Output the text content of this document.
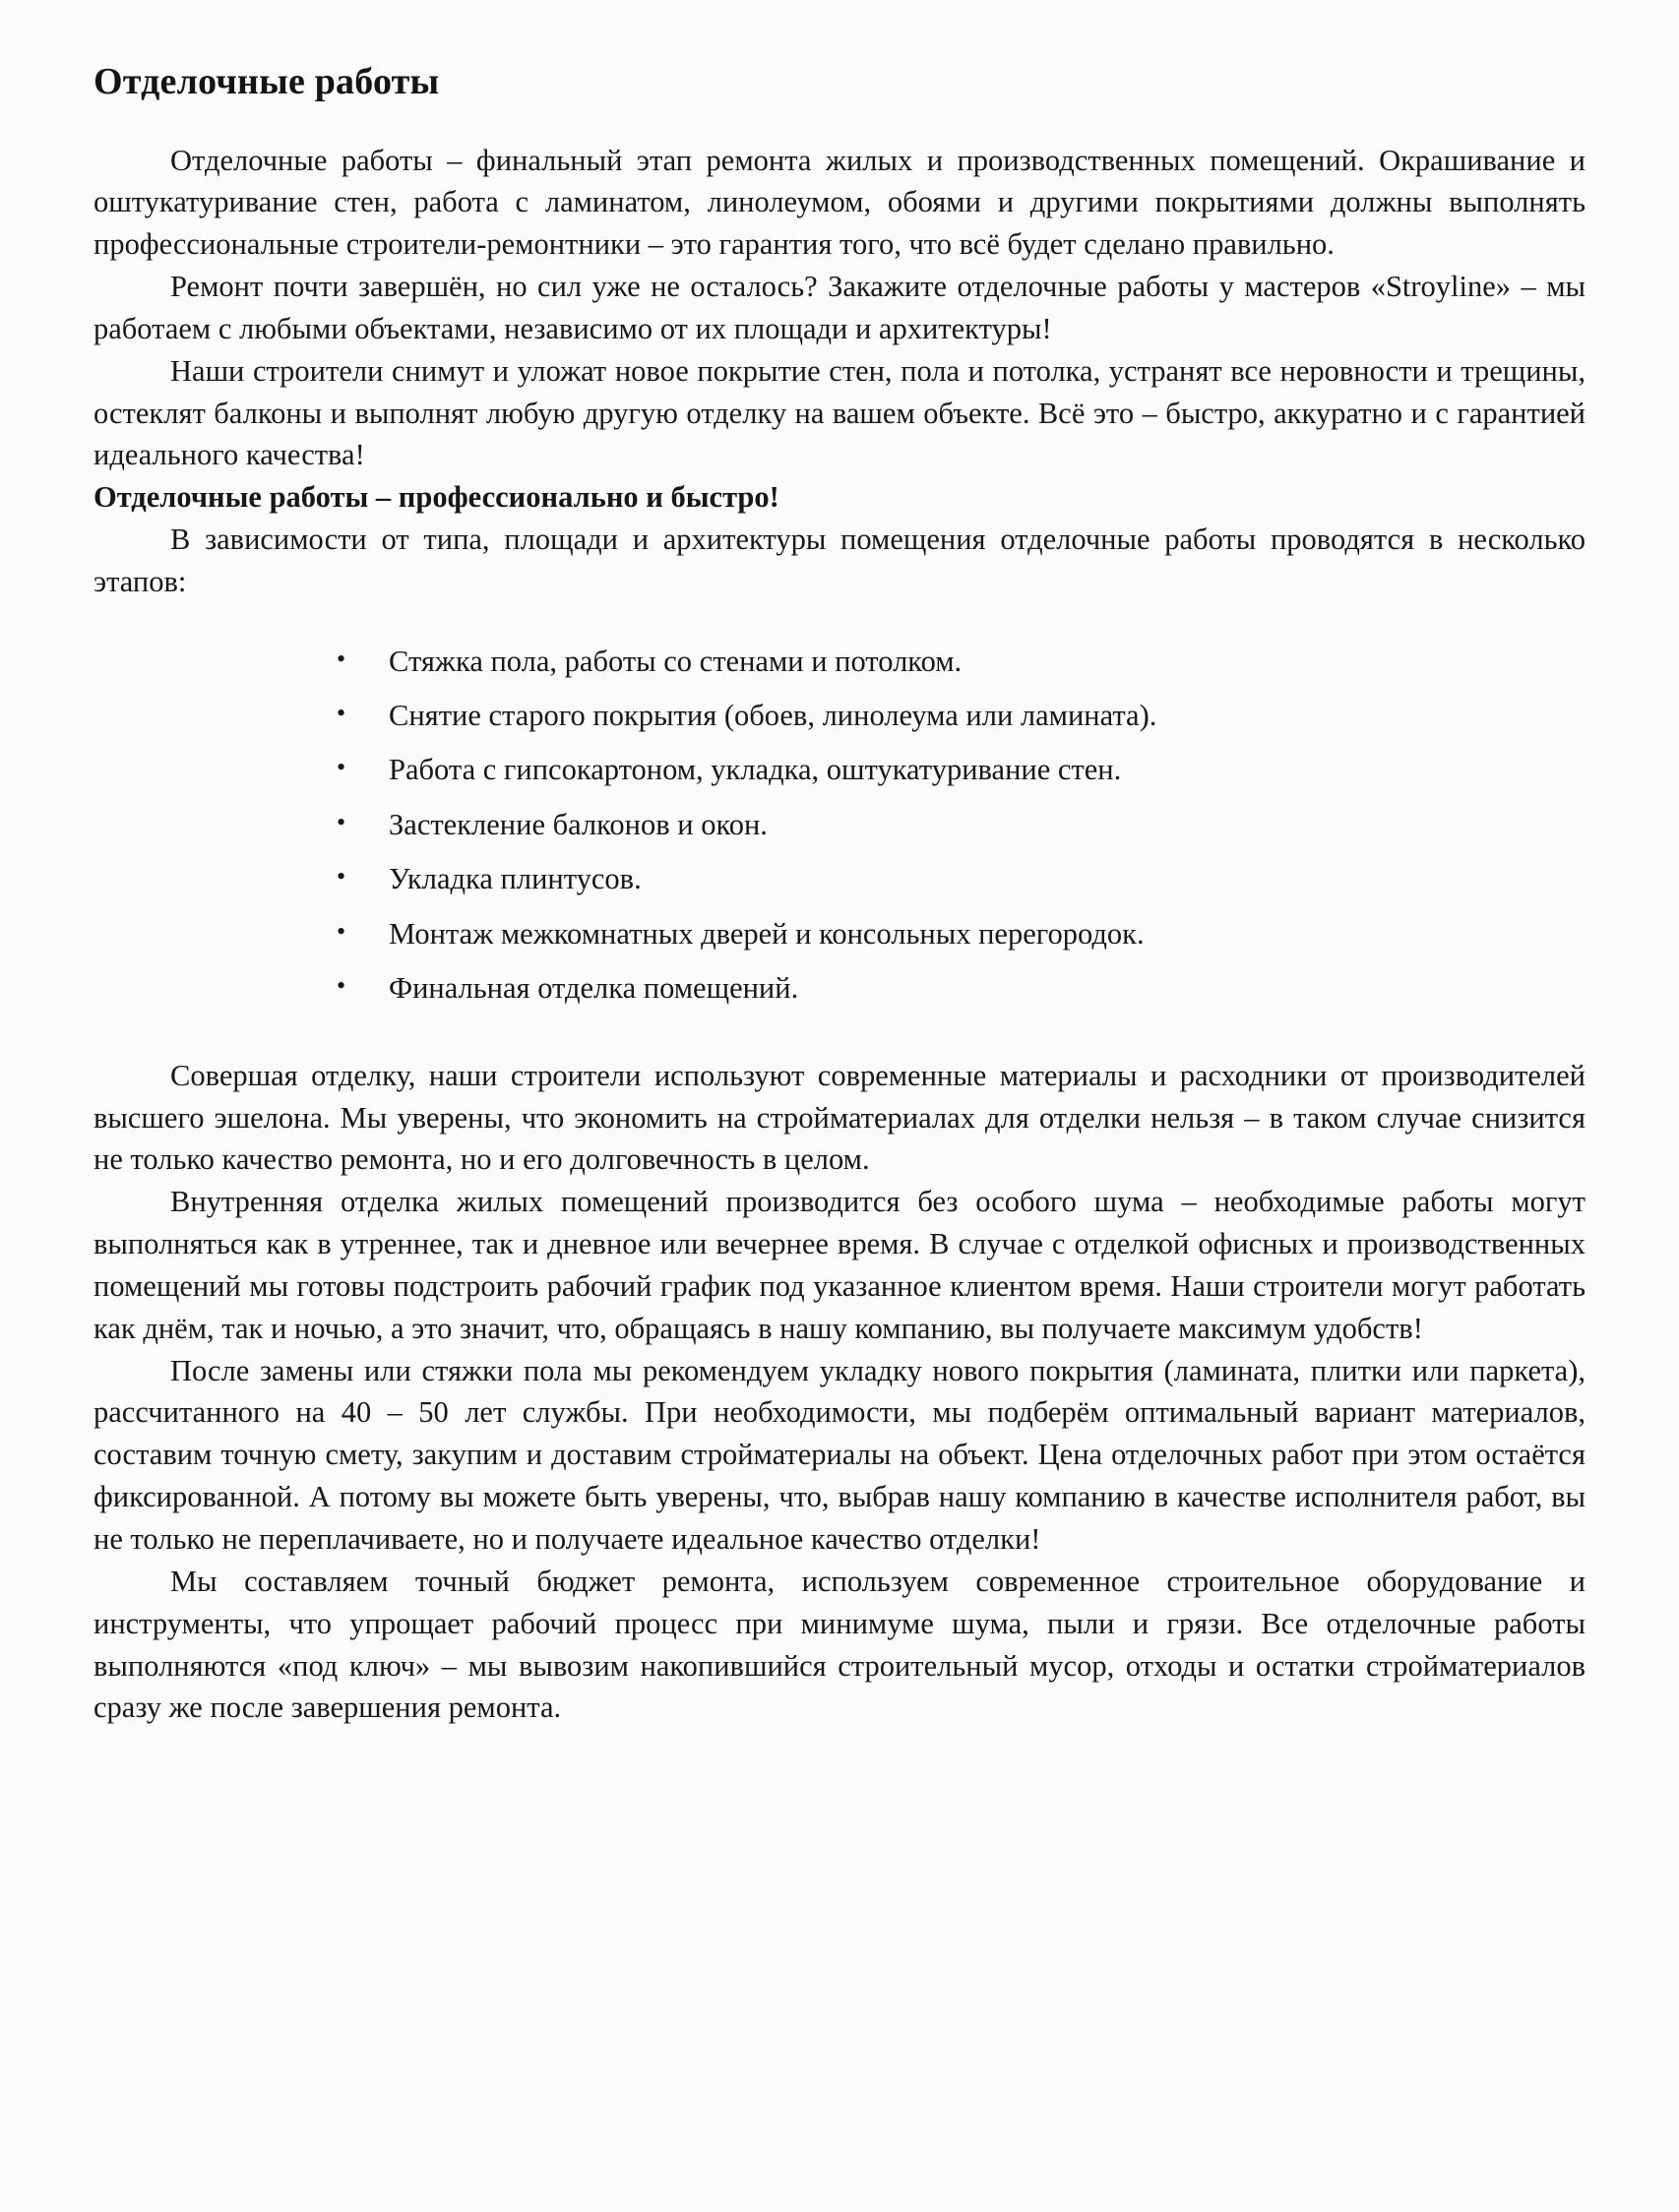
Отделочные работы

Отделочные работы – финальный этап ремонта жилых и производственных помещений. Окрашивание и оштукатуривание стен, работа с ламинатом, линолеумом, обоями и другими покрытиями должны выполнять профессиональные строители-ремонтники – это гарантия того, что всё будет сделано правильно.

Ремонт почти завершён, но сил уже не осталось? Закажите отделочные работы у мастеров «Stroyline» – мы работаем с любыми объектами, независимо от их площади и архитектуры!

Наши строители снимут и уложат новое покрытие стен, пола и потолка, устранят все неровности и трещины, остеклят балконы и выполнят любую другую отделку на вашем объекте. Всё это – быстро, аккуратно и с гарантией идеального качества!

Отделочные работы – профессионально и быстро!

В зависимости от типа, площади и архитектуры помещения отделочные работы проводятся в несколько этапов:

• Стяжка пола, работы со стенами и потолком.
• Снятие старого покрытия (обоев, линолеума или ламината).
• Работа с гипсокартоном, укладка, оштукатуривание стен.
• Застекление балконов и окон.
• Укладка плинтусов.
• Монтаж межкомнатных дверей и консольных перегородок.
• Финальная отделка помещений.

Совершая отделку, наши строители используют современные материалы и расходники от производителей высшего эшелона. Мы уверены, что экономить на стройматериалах для отделки нельзя – в таком случае снизится не только качество ремонта, но и его долговечность в целом.

Внутренняя отделка жилых помещений производится без особого шума – необходимые работы могут выполняться как в утреннее, так и дневное или вечернее время. В случае с отделкой офисных и производственных помещений мы готовы подстроить рабочий график под указанное клиентом время. Наши строители могут работать как днём, так и ночью, а это значит, что, обращаясь в нашу компанию, вы получаете максимум удобств!

После замены или стяжки пола мы рекомендуем укладку нового покрытия (ламината, плитки или паркета), рассчитанного на 40 – 50 лет службы. При необходимости, мы подберём оптимальный вариант материалов, составим точную смету, закупим и доставим стройматериалы на объект. Цена отделочных работ при этом остаётся фиксированной. А потому вы можете быть уверены, что, выбрав нашу компанию в качестве исполнителя работ, вы не только не переплачиваете, но и получаете идеальное качество отделки!

Мы составляем точный бюджет ремонта, используем современное строительное оборудование и инструменты, что упрощает рабочий процесс при минимуме шума, пыли и грязи. Все отделочные работы выполняются «под ключ» – мы вывозим накопившийся строительный мусор, отходы и остатки стройматериалов сразу же после завершения ремонта.
